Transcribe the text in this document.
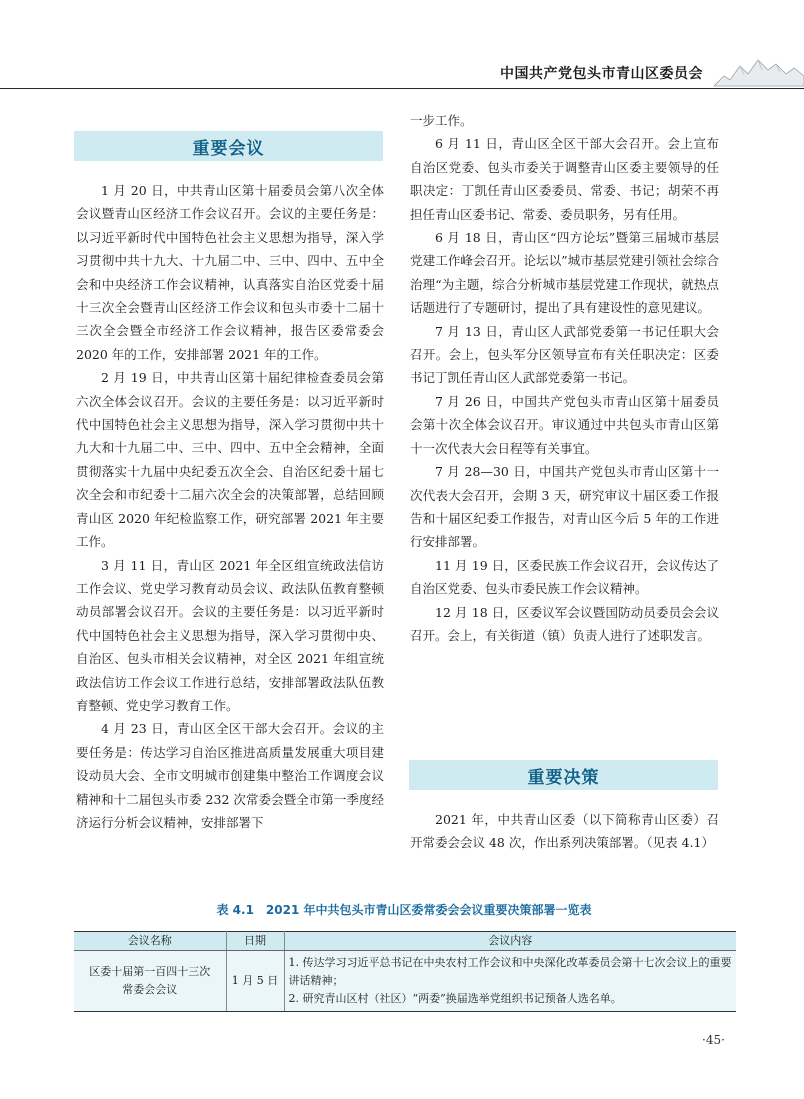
中国共产党包头市青山区委员会
重要会议

1 月 20 日，中共青山区第十届委员会第八次全体会议暨青山区经济工作会议召开。会议的主要任务是：以习近平新时代中国特色社会主义思想为指导，深入学习贯彻中共十九大、十九届二中、三中、四中、五中全会和中央经济工作会议精神，认真落实自治区党委十届十三次全会暨青山区经济工作会议和包头市委十二届十三次全会暨全市经济工作会议精神，报告区委常委会 2020 年的工作，安排部署 2021 年的工作。

2 月 19 日，中共青山区第十届纪律检查委员会第六次全体会议召开。会议的主要任务是：以习近平新时代中国特色社会主义思想为指导，深入学习贯彻中共十九大和十九届二中、三中、四中、五中全会精神，全面贯彻落实十九届中央纪委五次全会、自治区纪委十届七次全会和市纪委十二届六次全会的决策部署，总结回顾青山区 2020 年纪检监察工作，研究部署 2021 年主要工作。

3 月 11 日，青山区 2021 年全区组宣统政法信访工作会议、党史学习教育动员会议、政法队伍教育整顿动员部署会议召开。会议的主要任务是：以习近平新时代中国特色社会主义思想为指导，深入学习贯彻中央、自治区、包头市相关会议精神，对全区 2021 年组宣统政法信访工作会议工作进行总结，安排部署政法队伍教育整顿、党史学习教育工作。

4 月 23 日，青山区全区干部大会召开。会议的主要任务是：传达学习自治区推进高质量发展重大项目建设动员大会、全市文明城市创建集中整治工作调度会议精神和十二届包头市委 232 次常委会暨全市第一季度经济运行分析会议精神，安排部署下

一步工作。

6 月 11 日，青山区全区干部大会召开。会上宣布自治区党委、包头市委关于调整青山区委主要领导的任职决定：丁凯任青山区委委员、常委、书记；胡荣不再担任青山区委书记、常委、委员职务，另有任用。

6 月 18 日，青山区“四方论坛”暨第三届城市基层党建工作峰会召开。论坛以”城市基层党建引领社会综合治理“为主题，综合分析城市基层党建工作现状，就热点话题进行了专题研讨，提出了具有建设性的意见建议。

7 月 13 日，青山区人武部党委第一书记任职大会召开。会上，包头军分区领导宣布有关任职决定：区委书记丁凯任青山区人武部党委第一书记。

7 月 26 日，中国共产党包头市青山区第十届委员会第十次全体会议召开。审议通过中共包头市青山区第十一次代表大会日程等有关事宜。

7 月 28—30 日，中国共产党包头市青山区第十一次代表大会召开，会期 3 天，研究审议十届区委工作报告和十届区纪委工作报告，对青山区今后 5 年的工作进行安排部署。

11 月 19 日，区委民族工作会议召开，会议传达了自治区党委、包头市委民族工作会议精神。

12 月 18 日，区委议军会议暨国防动员委员会会议召开。会上，有关街道（镇）负责人进行了述职发言。

重要决策

2021 年，中共青山区委（以下简称青山区委）召开常委会会议 48 次，作出系列决策部署。（见表 4.1）

表 4.1　2021 年中共包头市青山区委常委会会议重要决策部署一览表
会议名称	日期	会议内容
区委十届第一百四十三次常委会会议	1 月 5 日	1. 传达学习习近平总书记在中央农村工作会议和中央深化改革委员会第十七次会议上的重要讲话精神；
2. 研究青山区村（社区）“两委”换届选举党组织书记预备人选名单。
·45·
